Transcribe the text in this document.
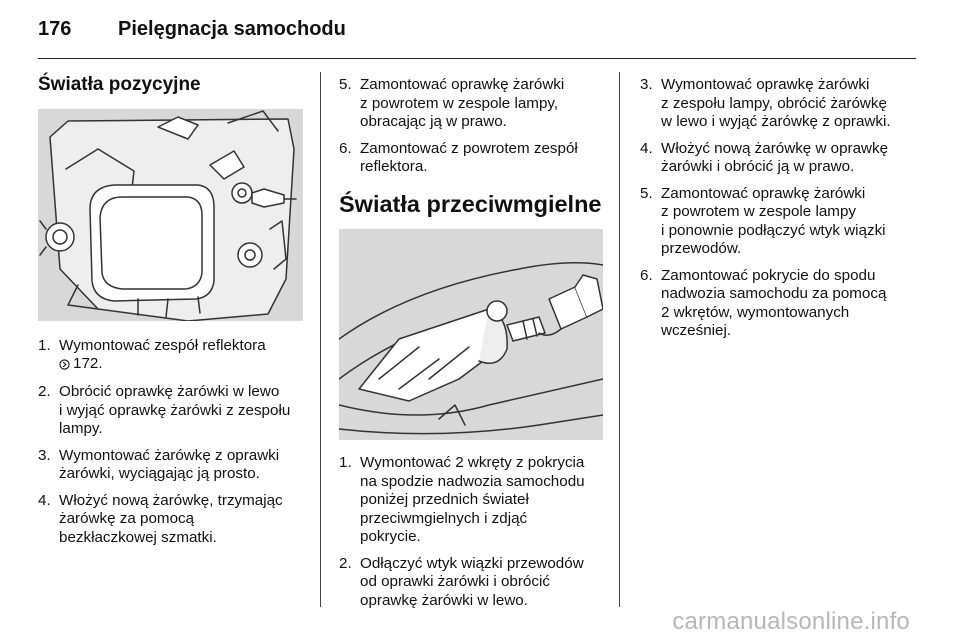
176	Pielęgnacja samochodu
Światła pozycyjne
1. Wymontować zespół reflektora

172.
2. Obrócić oprawkę żarówki w lewo
i wyjąć oprawkę żarówki z zespołu
lampy.
3. Wymontować żarówkę z oprawki
żarówki, wyciągając ją prosto.
4. Włożyć nową żarówkę, trzymając
żarówkę za pomocą
bezkłaczkowej szmatki.
5. Zamontować oprawkę żarówki
z powrotem w zespole lampy,
obracając ją w prawo.
6. Zamontować z powrotem zespół
reflektora.
Światła przeciwmgielne
1. Wymontować 2 wkręty z pokrycia
na spodzie nadwozia samochodu
poniżej przednich świateł
przeciwmgielnych i zdjąć
pokrycie.
2. Odłączyć wtyk wiązki przewodów
od oprawki żarówki i obrócić
oprawkę żarówki w lewo.
3. Wymontować oprawkę żarówki
z zespołu lampy, obrócić żarówkę
w lewo i wyjąć żarówkę z oprawki.
4. Włożyć nową żarówkę w oprawkę
żarówki i obrócić ją w prawo.
5. Zamontować oprawkę żarówki
z powrotem w zespole lampy
i ponownie podłączyć wtyk wiązki
przewodów.
6. Zamontować pokrycie do spodu
nadwozia samochodu za pomocą
2 wkrętów, wymontowanych
wcześniej.
carmanualsonline.info
